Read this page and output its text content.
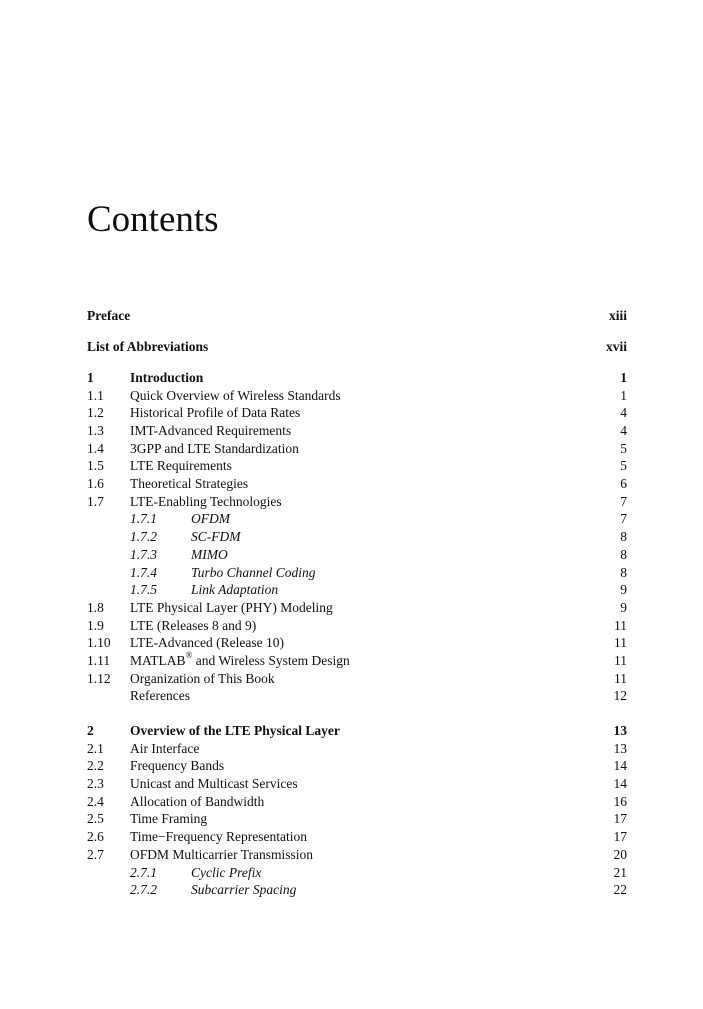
Contents
Preface	xiii
List of Abbreviations	xvii
1	Introduction	1
1.1 Quick Overview of Wireless Standards	1
1.2 Historical Profile of Data Rates	4
1.3 IMT-Advanced Requirements	4
1.4 3GPP and LTE Standardization	5
1.5 LTE Requirements	5
1.6 Theoretical Strategies	6
1.7 LTE-Enabling Technologies	7
1.7.1	OFDM	7
1.7.2	SC-FDM	8
1.7.3	MIMO	8
1.7.4	Turbo Channel Coding	8
1.7.5	Link Adaptation	9
1.8 LTE Physical Layer (PHY) Modeling	9
1.9 LTE (Releases 8 and 9)	11
1.10 LTE-Advanced (Release 10)	11
1.11 MATLAB® and Wireless System Design	11
1.12 Organization of This Book	11
References	12
2	Overview of the LTE Physical Layer	13
2.1 Air Interface	13
2.2 Frequency Bands	14
2.3 Unicast and Multicast Services	14
2.4 Allocation of Bandwidth	16
2.5 Time Framing	17
2.6 Time−Frequency Representation	17
2.7 OFDM Multicarrier Transmission	20
2.7.1	Cyclic Prefix	21
2.7.2	Subcarrier Spacing	22
